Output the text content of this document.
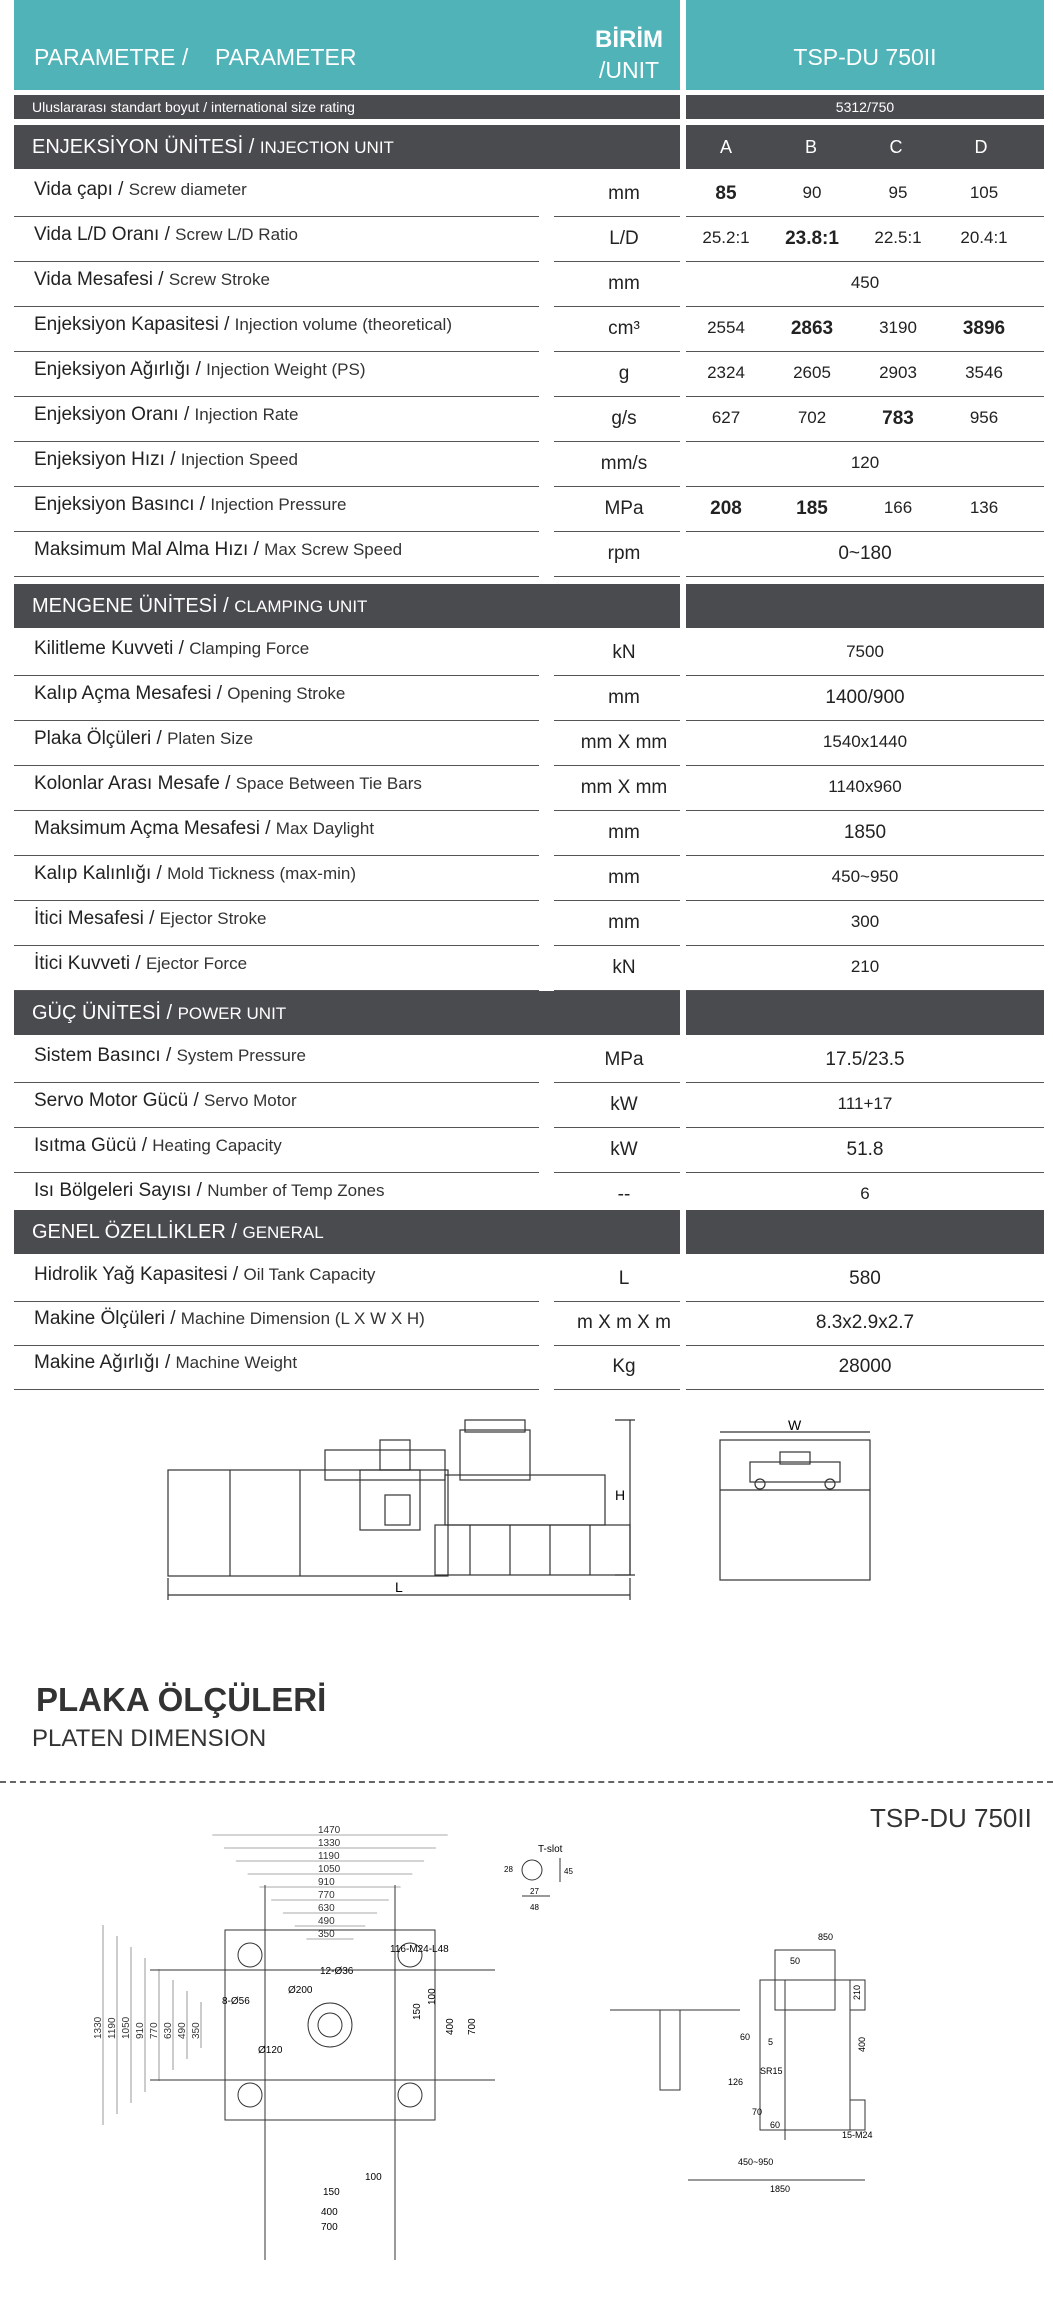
PARAMETRE / PARAMETER
BİRİM
/UNIT	TSP-DU 750II
Uluslararası standart boyut / international size rating	5312/750
ENJEKSİYON ÜNİTESİ / INJECTION UNIT	A	B	C	D
Vida çapı / Screw diameter	mm	85	90	95	105
Vida L/D Oranı / Screw L/D Ratio	L/D	25.2:1	23.8:1	22.5:1	20.4:1
Vida Mesafesi / Screw Stroke	mm	450
Enjeksiyon Kapasitesi / Injection volume (theoretical)	cm³	2554	2863	3190	3896
Enjeksiyon Ağırlığı / Injection Weight (PS)	g	2324	2605	2903	3546
Enjeksiyon Oranı / Injection Rate	g/s	627	702	783	956
Enjeksiyon Hızı / Injection Speed	mm/s	120
Enjeksiyon Basıncı / Injection Pressure	MPa	208	185	166	136
Maksimum Mal Alma Hızı / Max Screw Speed	rpm	0~180
MENGENE ÜNİTESİ / CLAMPING UNIT
Kilitleme Kuvveti / Clamping Force	kN	7500
Kalıp Açma Mesafesi / Opening Stroke	mm	1400/900
Plaka Ölçüleri / Platen Size	mm X mm	1540x1440
Kolonlar Arası Mesafe / Space Between Tie Bars	mm X mm	1140x960
Maksimum Açma Mesafesi / Max Daylight	mm	1850
Kalıp Kalınlığı / Mold Tickness (max-min)	mm	450~950
İtici Mesafesi / Ejector Stroke	mm	300
İtici Kuvveti / Ejector Force	kN	210
GÜÇ ÜNİTESİ / POWER UNIT
Sistem Basıncı / System Pressure	MPa	17.5/23.5
Servo Motor Gücü / Servo Motor	kW	111+17
Isıtma Gücü / Heating Capacity	kW	51.8
Isı Bölgeleri Sayısı / Number of Temp Zones	--	6
GENEL ÖZELLİKLER / GENERAL
Hidrolik Yağ Kapasitesi / Oil Tank Capacity	L	580
Makine Ölçüleri / Machine Dimension (L X W X H)	m X m X m	8.3x2.9x2.7
Makine Ağırlığı / Machine Weight	Kg	28000
H
L
W
PLAKA ÖLÇÜLERİ
PLATEN DIMENSION
TSP-DU 750II
1470
1330
1190
1050
910
770
630
490
350
1330 1190 1050 910 770 630 490 350
12-Ø36
8-Ø56
Ø200
Ø120
116-M24-L48
150
100
400 700
150
100
400
700
T-slot
28	45
27
48
850
400
210
SR15
15-M24
50
5
60
126
70
60
450~950
1850
